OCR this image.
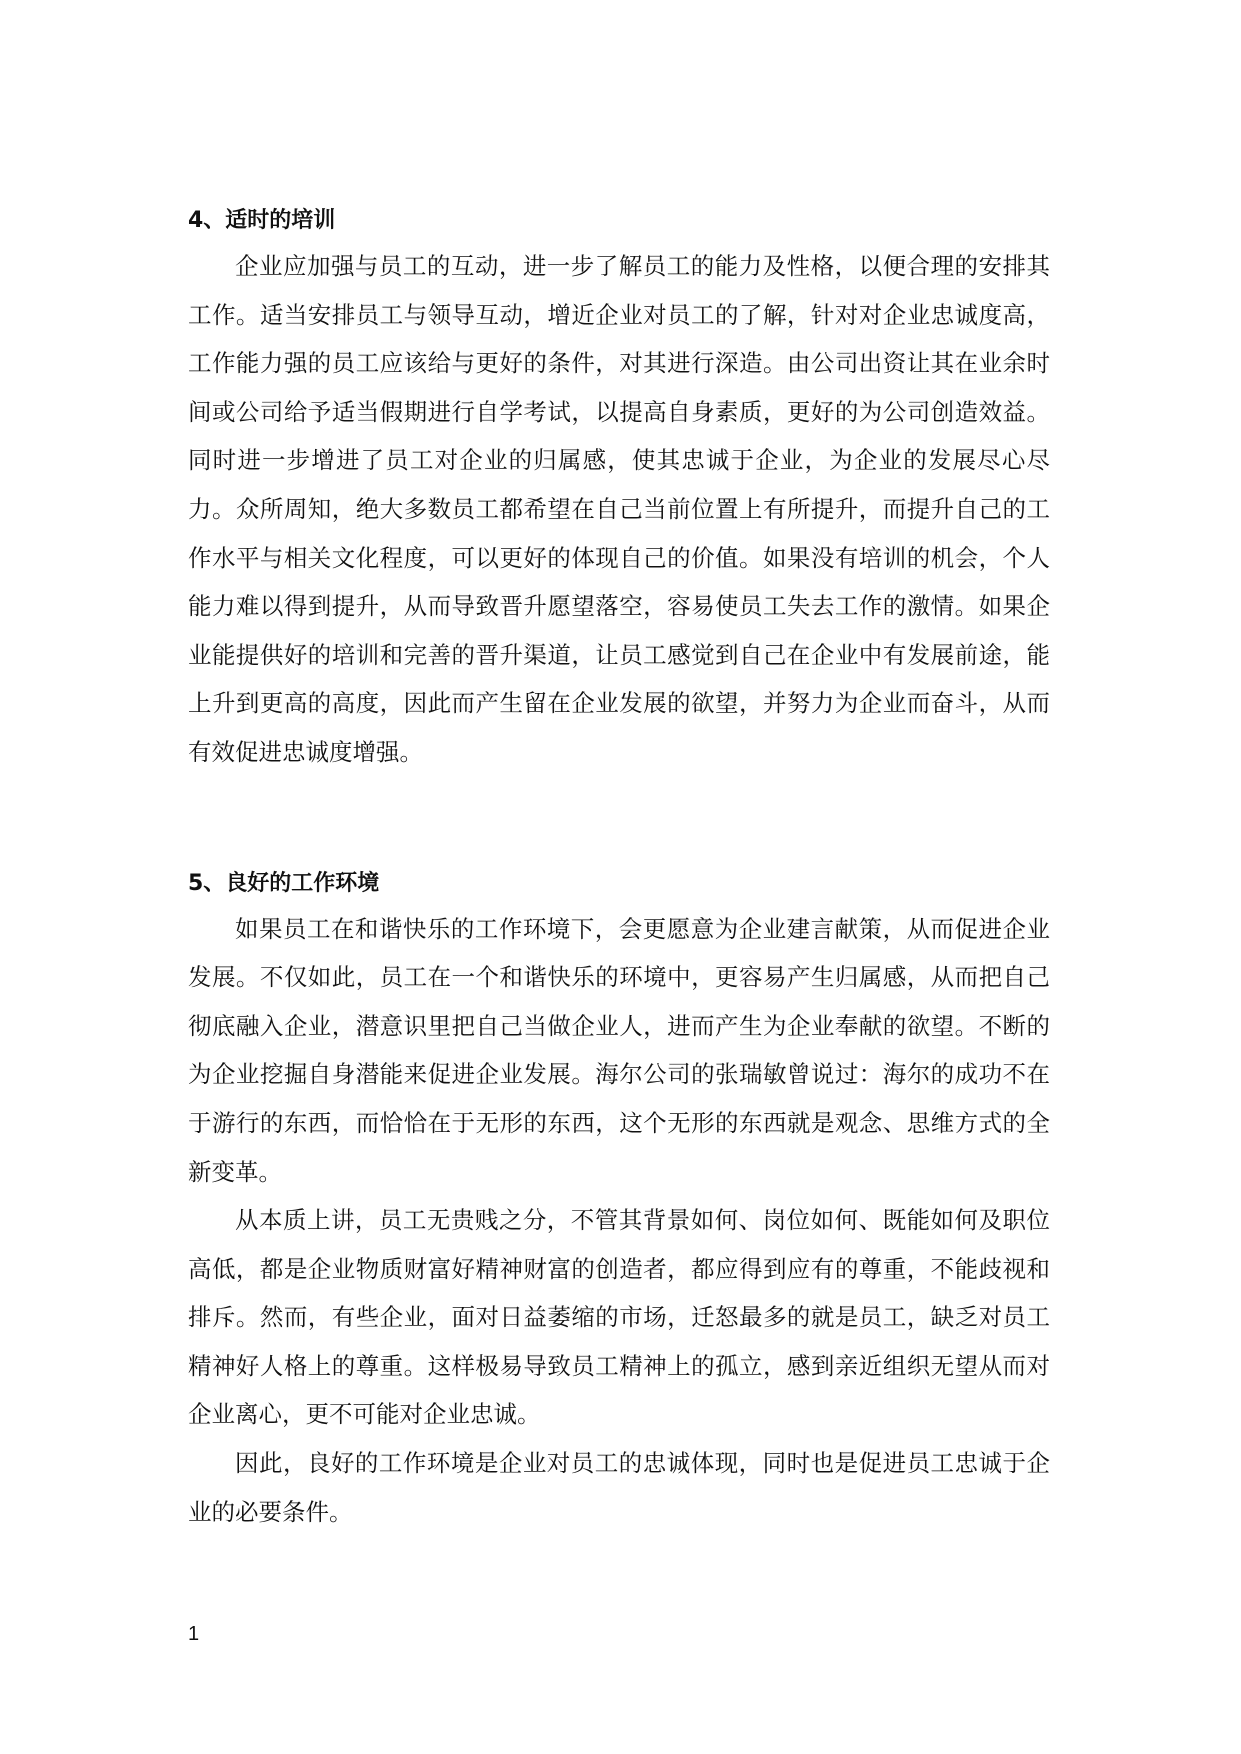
4、适时的培训

企业应加强与员工的互动，进一步了解员工的能力及性格，以便合理的安排其工作。适当安排员工与领导互动，增近企业对员工的了解，针对对企业忠诚度高，工作能力强的员工应该给与更好的条件，对其进行深造。由公司出资让其在业余时间或公司给予适当假期进行自学考试，以提高自身素质，更好的为公司创造效益。同时进一步增进了员工对企业的归属感，使其忠诚于企业，为企业的发展尽心尽力。众所周知，绝大多数员工都希望在自己当前位置上有所提升，而提升自己的工作水平与相关文化程度，可以更好的体现自己的价值。如果没有培训的机会，个人能力难以得到提升，从而导致晋升愿望落空，容易使员工失去工作的激情。如果企业能提供好的培训和完善的晋升渠道，让员工感觉到自己在企业中有发展前途，能上升到更高的高度，因此而产生留在企业发展的欲望，并努力为企业而奋斗，从而有效促进忠诚度增强。

5、良好的工作环境

如果员工在和谐快乐的工作环境下，会更愿意为企业建言献策，从而促进企业发展。不仅如此，员工在一个和谐快乐的环境中，更容易产生归属感，从而把自己彻底融入企业，潜意识里把自己当做企业人，进而产生为企业奉献的欲望。不断的为企业挖掘自身潜能来促进企业发展。海尔公司的张瑞敏曾说过：海尔的成功不在于游行的东西，而恰恰在于无形的东西，这个无形的东西就是观念、思维方式的全新变革。

从本质上讲，员工无贵贱之分，不管其背景如何、岗位如何、既能如何及职位高低，都是企业物质财富好精神财富的创造者，都应得到应有的尊重，不能歧视和排斥。然而，有些企业，面对日益萎缩的市场，迁怒最多的就是员工，缺乏对员工精神好人格上的尊重。这样极易导致员工精神上的孤立，感到亲近组织无望从而对企业离心，更不可能对企业忠诚。

因此，良好的工作环境是企业对员工的忠诚体现，同时也是促进员工忠诚于企业的必要条件。

1
